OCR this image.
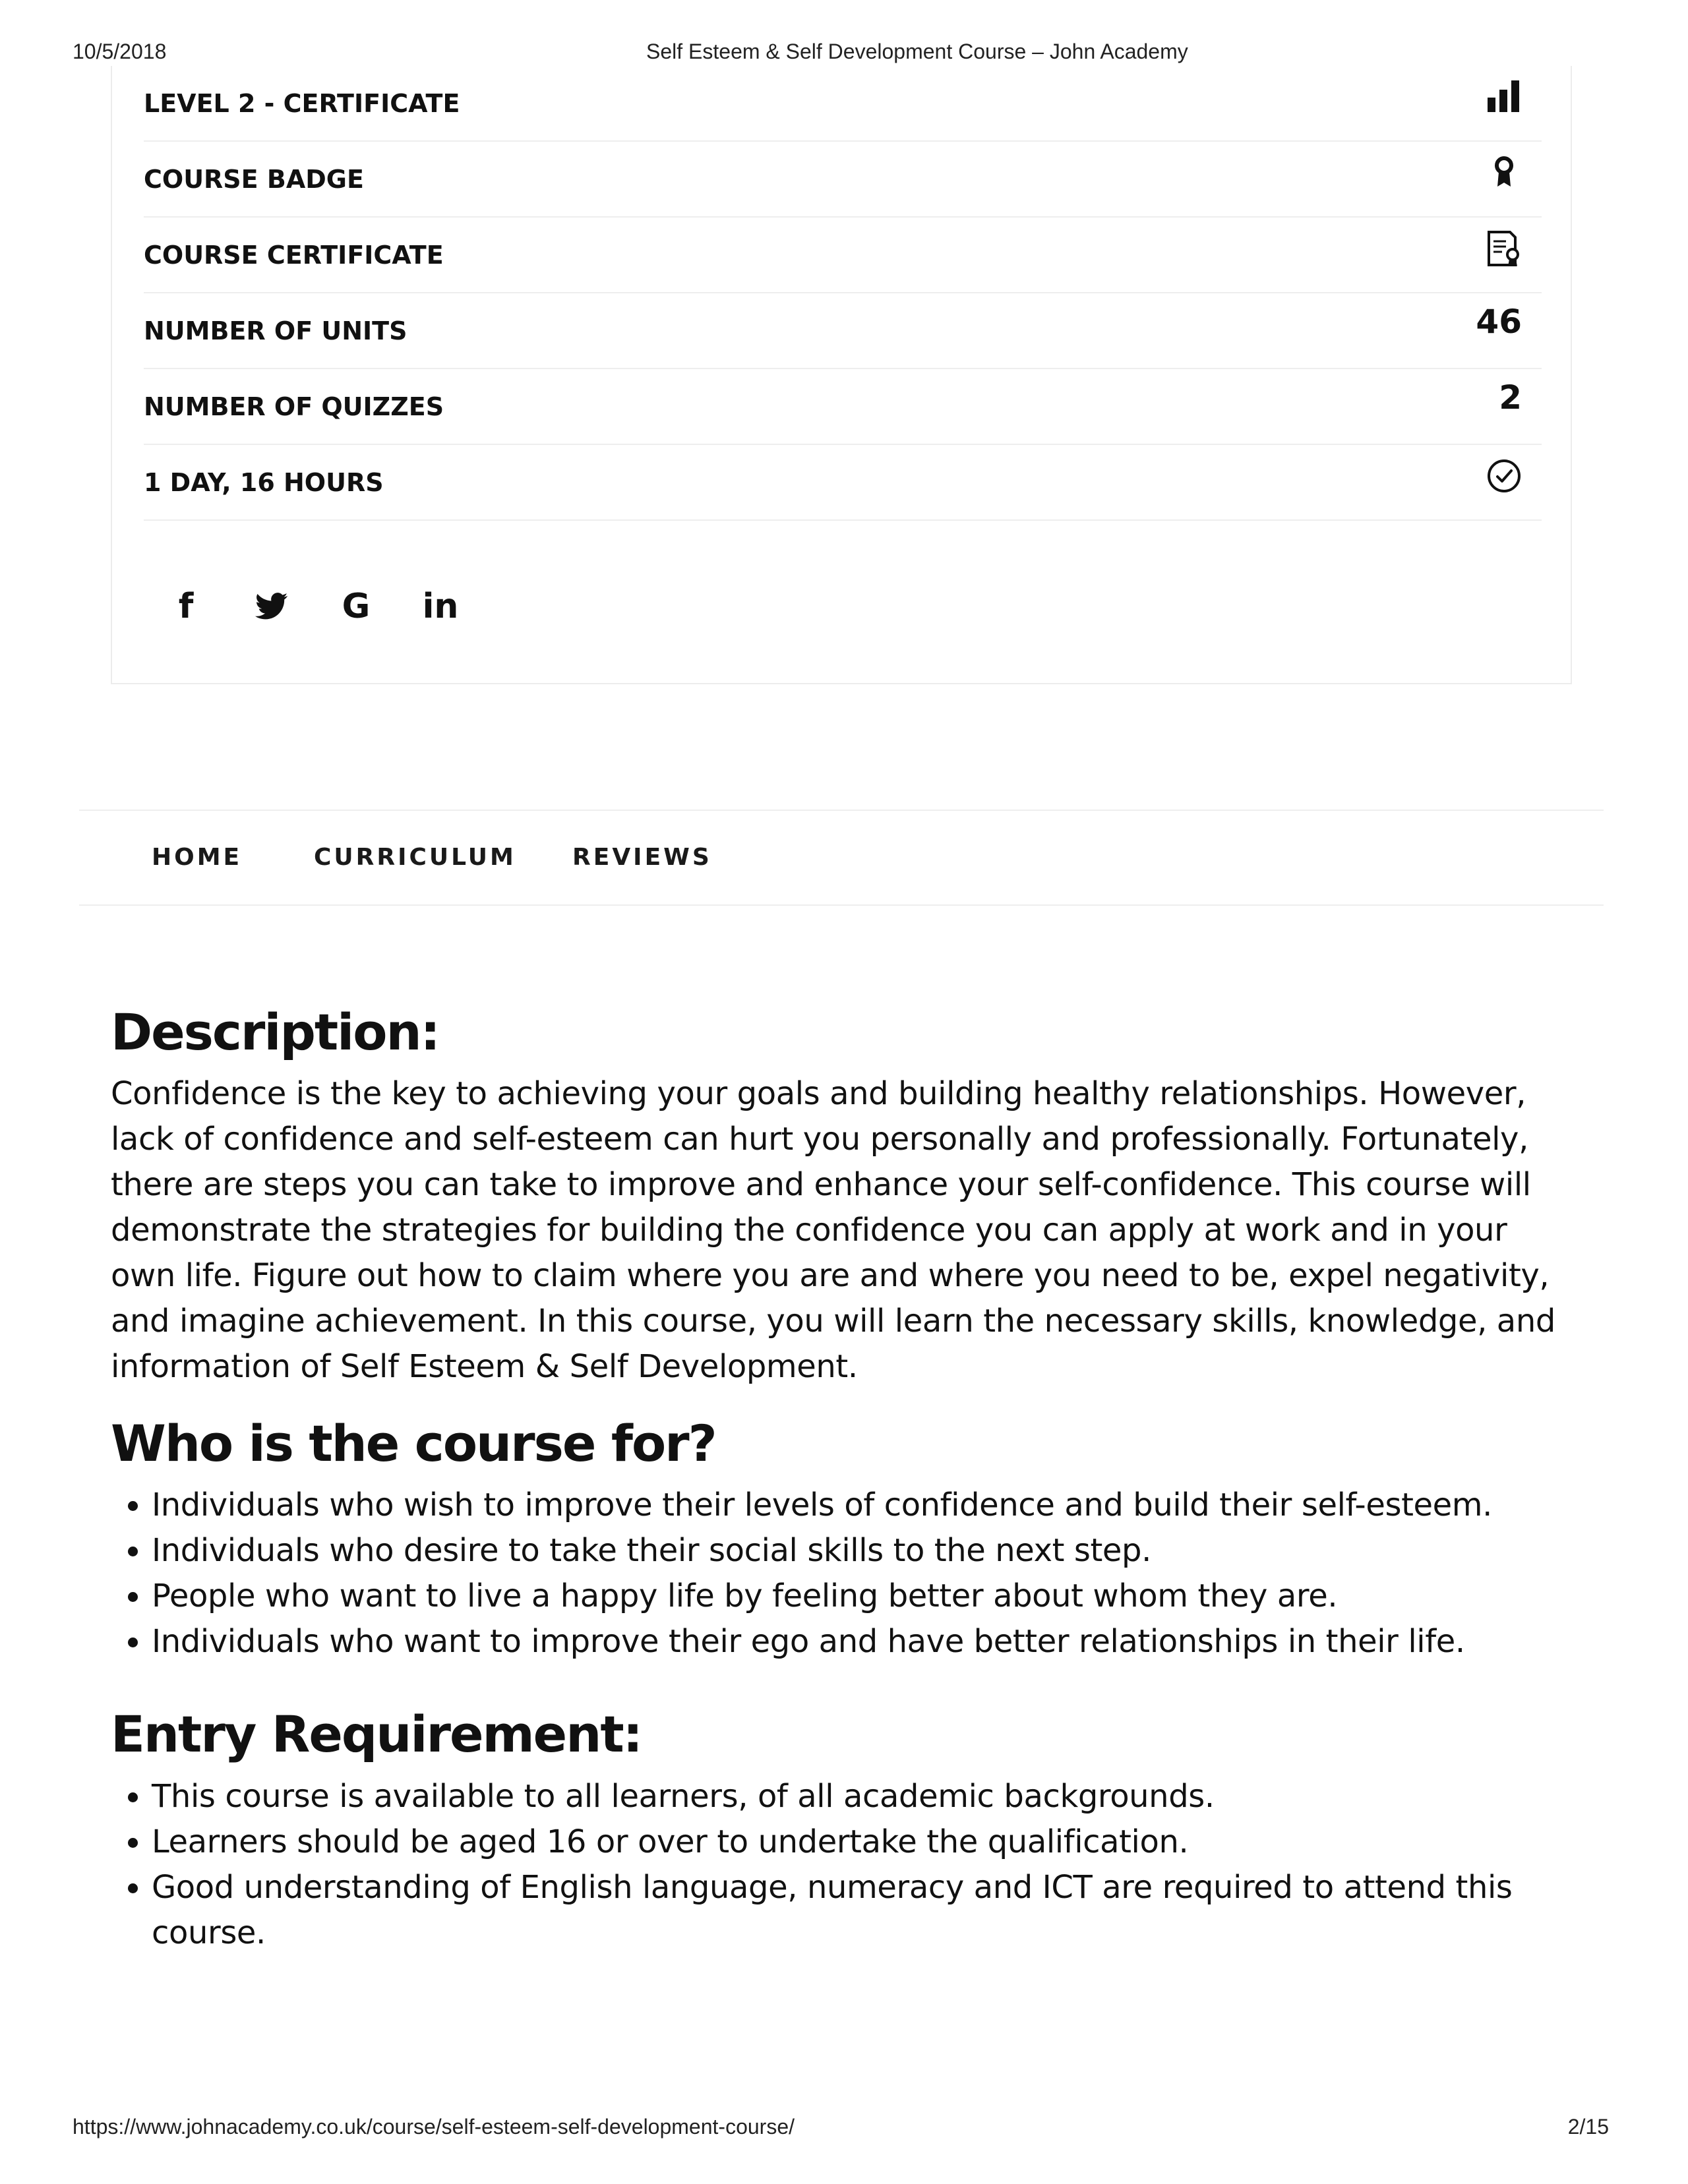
10/5/2018	Self Esteem & Self Development Course – John Academy
LEVEL 2 - CERTIFICATE
COURSE BADGE
COURSE CERTIFICATE
NUMBER OF UNITS	46
NUMBER OF QUIZZES	2
1 DAY, 16 HOURS
f	G	in
HOME	CURRICULUM REVIEWS
Description:

Confidence is the key to achieving your goals and building healthy relationships. However, lack of confidence and self-esteem can hurt you personally and professionally. Fortunately, there are steps you can take to improve and enhance your self-confidence. This course will demonstrate the strategies for building the confidence you can apply at work and in your own life. Figure out how to claim where you are and where you need to be, expel negativity, and imagine achievement. In this course, you will learn the necessary skills, knowledge, and information of Self Esteem & Self Development.

Who is the course for?
• Individuals who wish to improve their levels of confidence and build their self-esteem.
• Individuals who desire to take their social skills to the next step.
• People who want to live a happy life by feeling better about whom they are.
• Individuals who want to improve their ego and have better relationships in their life.
Entry Requirement:
• This course is available to all learners, of all academic backgrounds.
• Learners should be aged 16 or over to undertake the qualification.
• Good understanding of English language, numeracy and ICT are required to attend this course.
https://www.johnacademy.co.uk/course/self-esteem-self-development-course/	2/15
